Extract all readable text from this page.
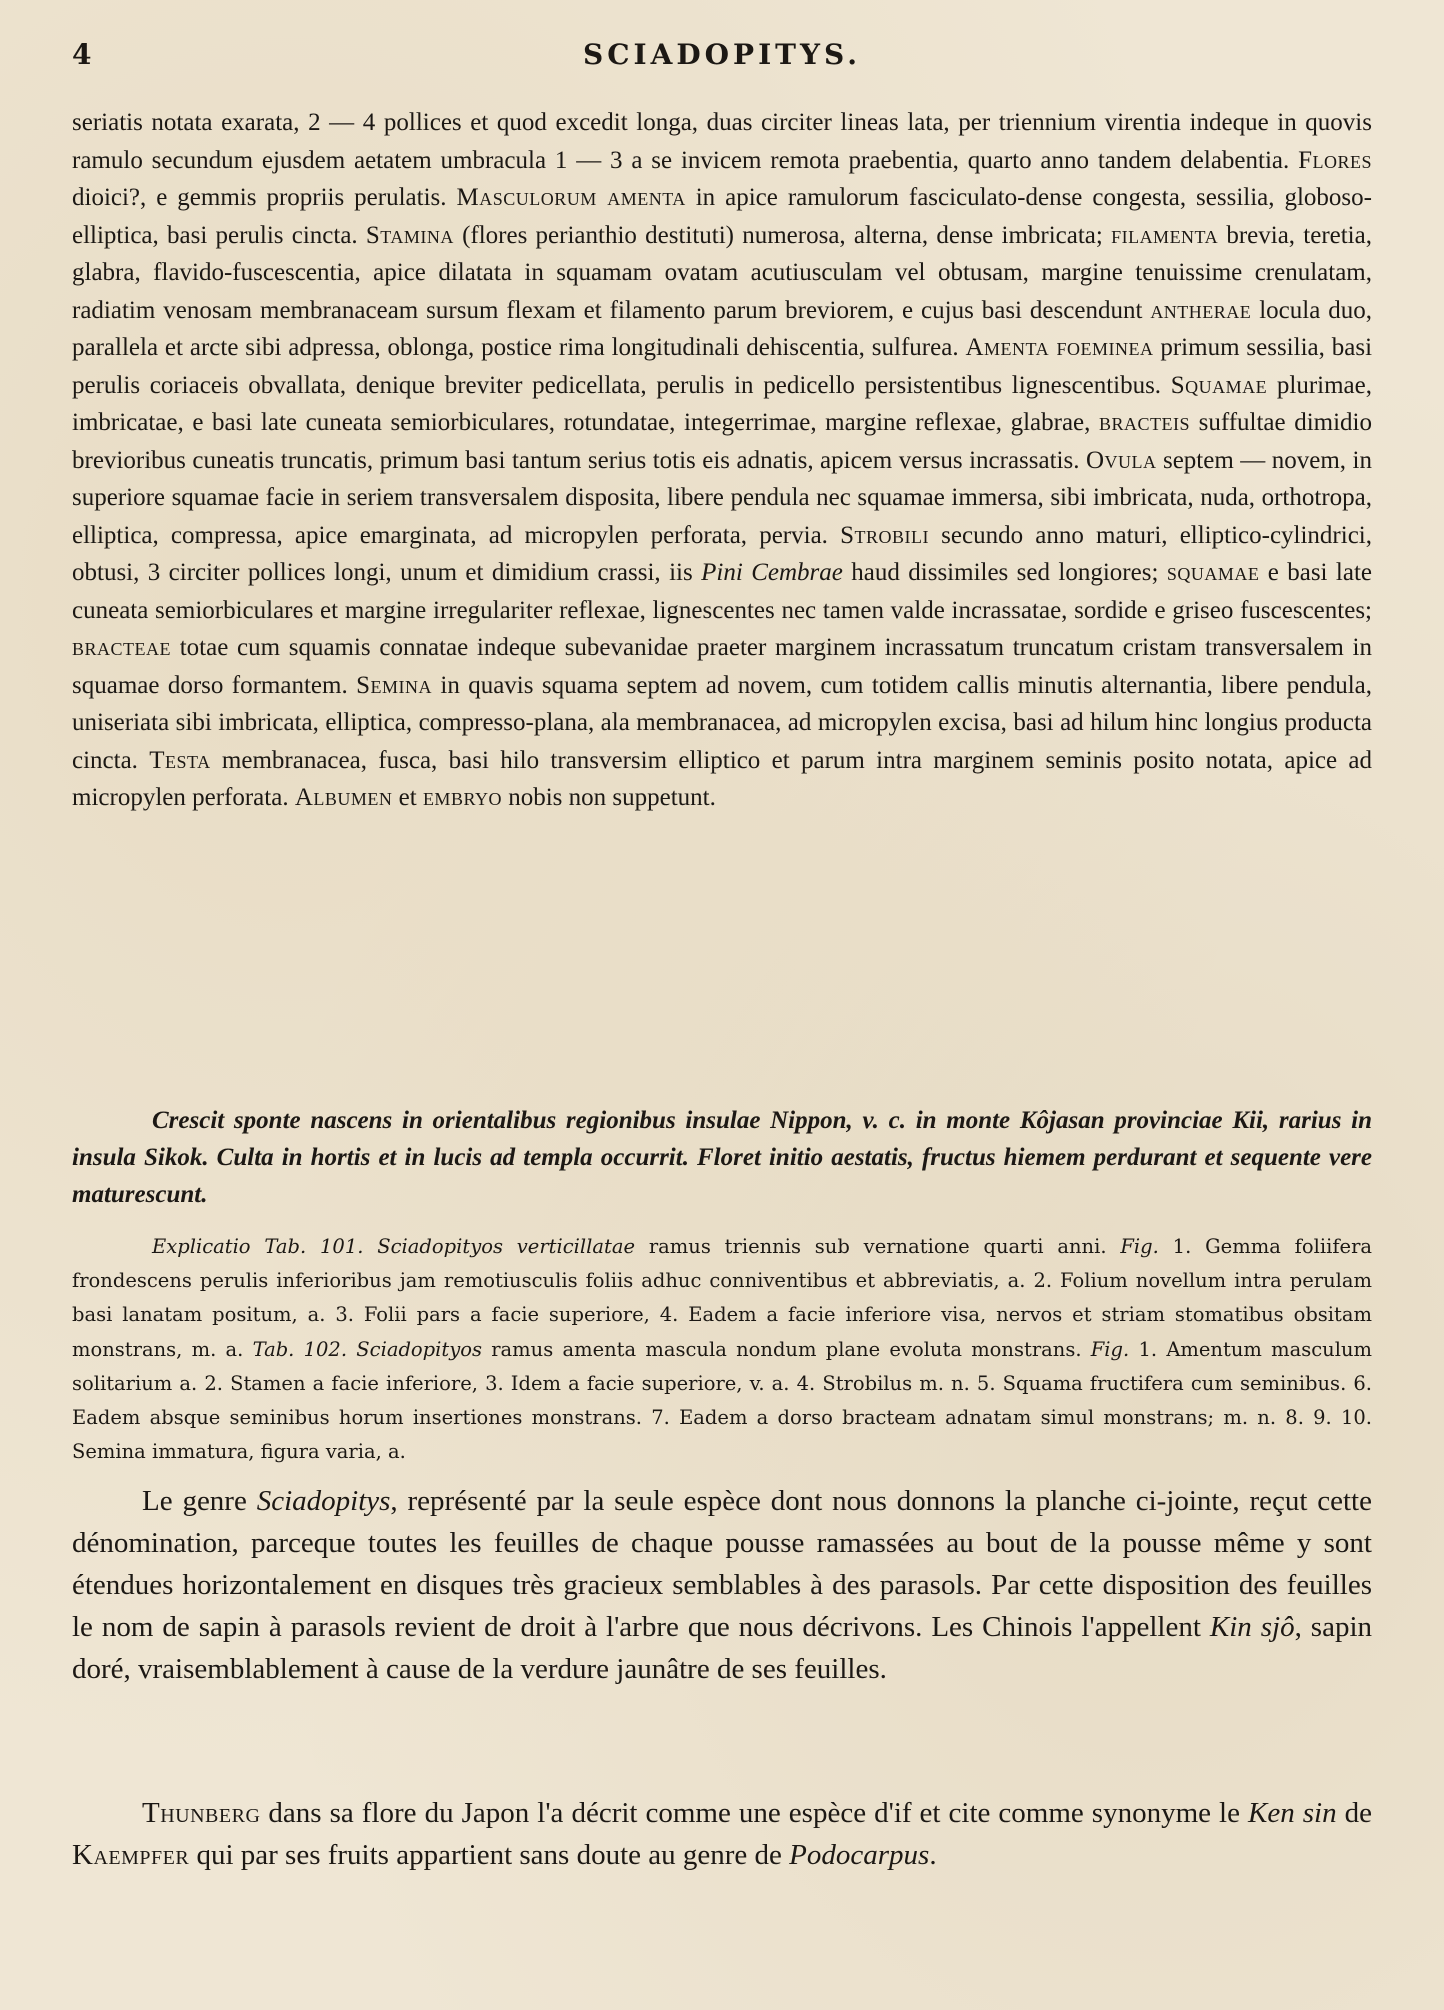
4	SCIADOPITYS.
seriatis notata exarata, 2 — 4 pollices et quod excedit longa, duas circiter lineas lata, per triennium virentia indeque in quovis ramulo secundum ejusdem aetatem umbracula 1 — 3 a se invicem remota praebentia, quarto anno tandem delabentia. Flores dioici?, e gemmis propriis perulatis. Masculorum amenta in apice ramulorum fasciculato-dense congesta, sessilia, globoso-elliptica, basi perulis cincta. Stamina (flores perianthio destituti) numerosa, alterna, dense imbricata; filamenta brevia, teretia, glabra, flavido-fuscescentia, apice dilatata in squamam ovatam acutiusculam vel obtusam, margine tenuissime crenulatam, radiatim venosam membranaceam sursum flexam et filamento parum breviorem, e cujus basi descendunt antherae locula duo, parallela et arcte sibi adpressa, oblonga, postice rima longitudinali dehiscentia, sulfurea. Amenta foeminea primum sessilia, basi perulis coriaceis obvallata, denique breviter pedicellata, perulis in pedicello persistentibus lignescentibus. Squamae plurimae, imbricatae, e basi late cuneata semiorbiculares, rotundatae, integerrimae, margine reflexae, glabrae, bracteis suffultae dimidio brevioribus cuneatis truncatis, primum basi tantum serius totis eis adnatis, apicem versus incrassatis. Ovula septem — novem, in superiore squamae facie in seriem transversalem disposita, libere pendula nec squamae immersa, sibi imbricata, nuda, orthotropa, elliptica, compressa, apice emarginata, ad micropylen perforata, pervia. Strobili secundo anno maturi, elliptico-cylindrici, obtusi, 3 circiter pollices longi, unum et dimidium crassi, iis Pini Cembrae haud dissimiles sed longiores; squamae e basi late cuneata semiorbiculares et margine irregulariter reflexae, lignescentes nec tamen valde incrassatae, sordide e griseo fuscescentes; bracteae totae cum squamis connatae indeque subevanidae praeter marginem incrassatum truncatum cristam transversalem in squamae dorso formantem. Semina in quavis squama septem ad novem, cum totidem callis minutis alternantia, libere pendula, uniseriata sibi imbricata, elliptica, compresso-plana, ala membranacea, ad micropylen excisa, basi ad hilum hinc longius producta cincta. Testa membranacea, fusca, basi hilo transversim elliptico et parum intra marginem seminis posito notata, apice ad micropylen perforata. Albumen et embryo nobis non suppetunt.
Crescit sponte nascens in orientalibus regionibus insulae Nippon, v. c. in monte Kôjasan provinciae Kii, rarius in insula Sikok. Culta in hortis et in lucis ad templa occurrit. Floret initio aestatis, fructus hiemem perdurant et sequente vere maturescunt.
Explicatio Tab. 101. Sciadopityos verticillatae ramus triennis sub vernatione quarti anni. Fig. 1. Gemma foliifera frondescens perulis inferioribus jam remotiusculis foliis adhuc conniventibus et abbreviatis, a. 2. Folium novellum intra perulam basi lanatam positum, a. 3. Folii pars a facie superiore, 4. Eadem a facie inferiore visa, nervos et striam stomatibus obsitam monstrans, m. a. Tab. 102. Sciadopityos ramus amenta mascula nondum plane evoluta monstrans. Fig. 1. Amentum masculum solitarium a. 2. Stamen a facie inferiore, 3. Idem a facie superiore, v. a. 4. Strobilus m. n. 5. Squama fructifera cum seminibus. 6. Eadem absque seminibus horum insertiones monstrans. 7. Eadem a dorso bracteam adnatam simul monstrans; m. n. 8. 9. 10. Semina immatura, figura varia, a.
Le genre Sciadopitys, représenté par la seule espèce dont nous donnons la planche ci-jointe, reçut cette dénomination, parceque toutes les feuilles de chaque pousse ramassées au bout de la pousse même y sont étendues horizontalement en disques très gracieux semblables à des parasols. Par cette disposition des feuilles le nom de sapin à parasols revient de droit à l'arbre que nous décrivons. Les Chinois l'appellent Kin sjô, sapin doré, vraisemblablement à cause de la verdure jaunâtre de ses feuilles.
Thunberg dans sa flore du Japon l'a décrit comme une espèce d'if et cite comme synonyme le Ken sin de Kaempfer qui par ses fruits appartient sans doute au genre de Podocarpus.
